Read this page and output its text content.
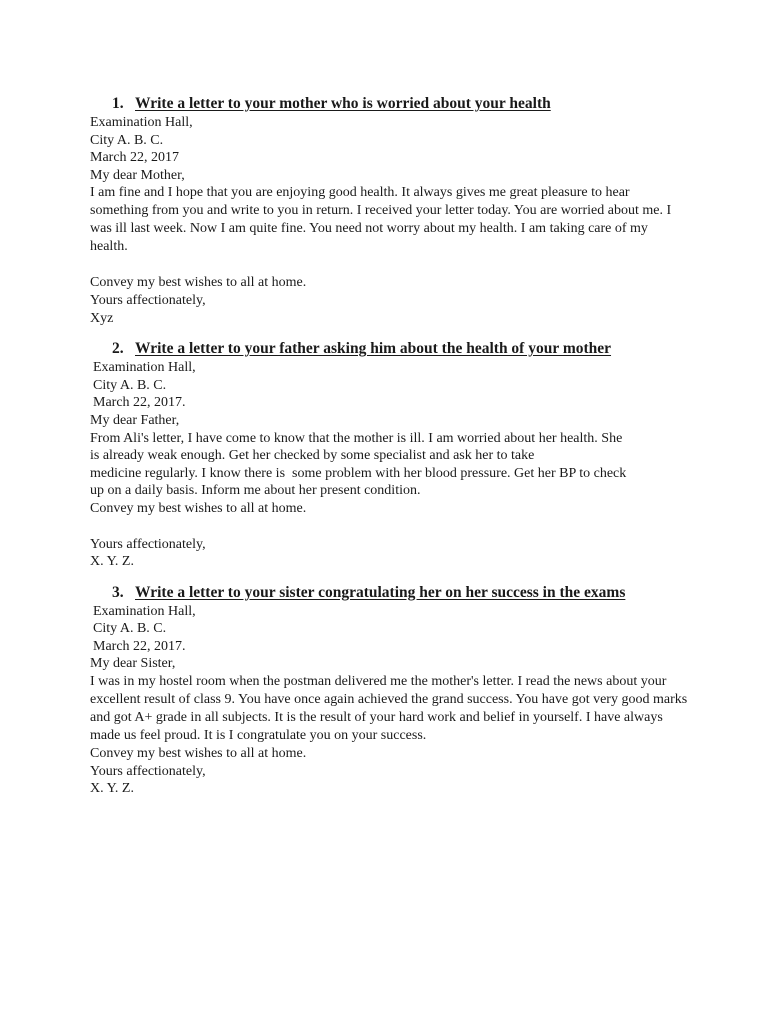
1. Write a letter to your mother who is worried about your health

Examination Hall,

City A. B. C.

March 22, 2017

My dear Mother,

I am fine and I hope that you are enjoying good health. It always gives me great pleasure to hear something from you and write to you in return. I received your letter today. You are worried about me. I was ill last week. Now I am quite fine. You need not worry about my health. I am taking care of my health.

Convey my best wishes to all at home.

Yours affectionately,

Xyz

2. Write a letter to your father asking him about the health of your mother

Examination Hall,

City A. B. C.

March 22, 2017.

My dear Father,

From Ali's letter, I have come to know that the mother is ill. I am worried about her health. She

is already weak enough. Get her checked by some specialist and ask her to take

medicine regularly. I know there is  some problem with her blood pressure. Get her BP to check

up on a daily basis. Inform me about her present condition.

Convey my best wishes to all at home.

Yours affectionately,

X. Y. Z.

3. Write a letter to your sister congratulating her on her success in the exams

Examination Hall,

City A. B. C.

March 22, 2017.

My dear Sister,

I was in my hostel room when the postman delivered me the mother's letter. I read the news about your excellent result of class 9. You have once again achieved the grand success. You have got very good marks and got A+ grade in all subjects. It is the result of your hard work and belief in yourself. I have always made us feel proud. It is I congratulate you on your success.

Convey my best wishes to all at home.

Yours affectionately,

X. Y. Z.
